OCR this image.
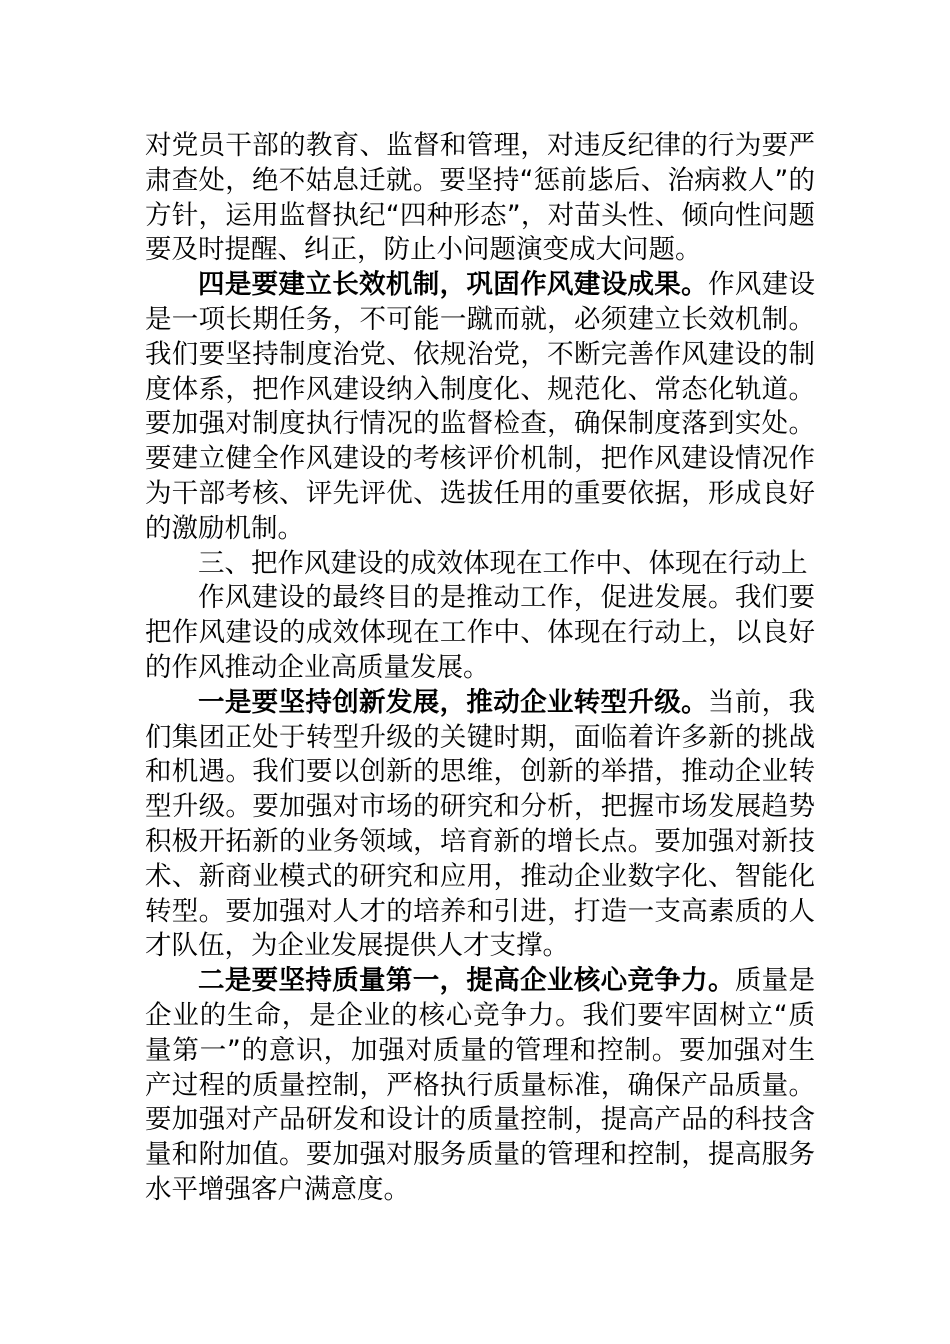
对党员干部的教育、监督和管理，对违反纪律的行为要严肃查处，绝不姑息迁就。要坚持“惩前毖后、治病救人”的方针，运用监督执纪“四种形态”，对苗头性、倾向性问题要及时提醒、纠正，防止小问题演变成大问题。

四是要建立长效机制，巩固作风建设成果。作风建设是一项长期任务，不可能一蹴而就，必须建立长效机制。我们要坚持制度治党、依规治党，不断完善作风建设的制度体系，把作风建设纳入制度化、规范化、常态化轨道。要加强对制度执行情况的监督检查，确保制度落到实处。要建立健全作风建设的考核评价机制，把作风建设情况作为干部考核、评先评优、选拔任用的重要依据，形成良好的激励机制。

三、把作风建设的成效体现在工作中、体现在行动上

作风建设的最终目的是推动工作，促进发展。我们要把作风建设的成效体现在工作中、体现在行动上，以良好的作风推动企业高质量发展。

一是要坚持创新发展，推动企业转型升级。当前，我们集团正处于转型升级的关键时期，面临着许多新的挑战和机遇。我们要以创新的思维，创新的举措，推动企业转型升级。要加强对市场的研究和分析，把握市场发展趋势积极开拓新的业务领域，培育新的增长点。要加强对新技术、新商业模式的研究和应用，推动企业数字化、智能化转型。要加强对人才的培养和引进，打造一支高素质的人才队伍，为企业发展提供人才支撑。

二是要坚持质量第一，提高企业核心竞争力。质量是企业的生命，是企业的核心竞争力。我们要牢固树立“质量第一”的意识，加强对质量的管理和控制。要加强对生产过程的质量控制，严格执行质量标准，确保产品质量。要加强对产品研发和设计的质量控制，提高产品的科技含量和附加值。要加强对服务质量的管理和控制，提高服务水平增强客户满意度。
